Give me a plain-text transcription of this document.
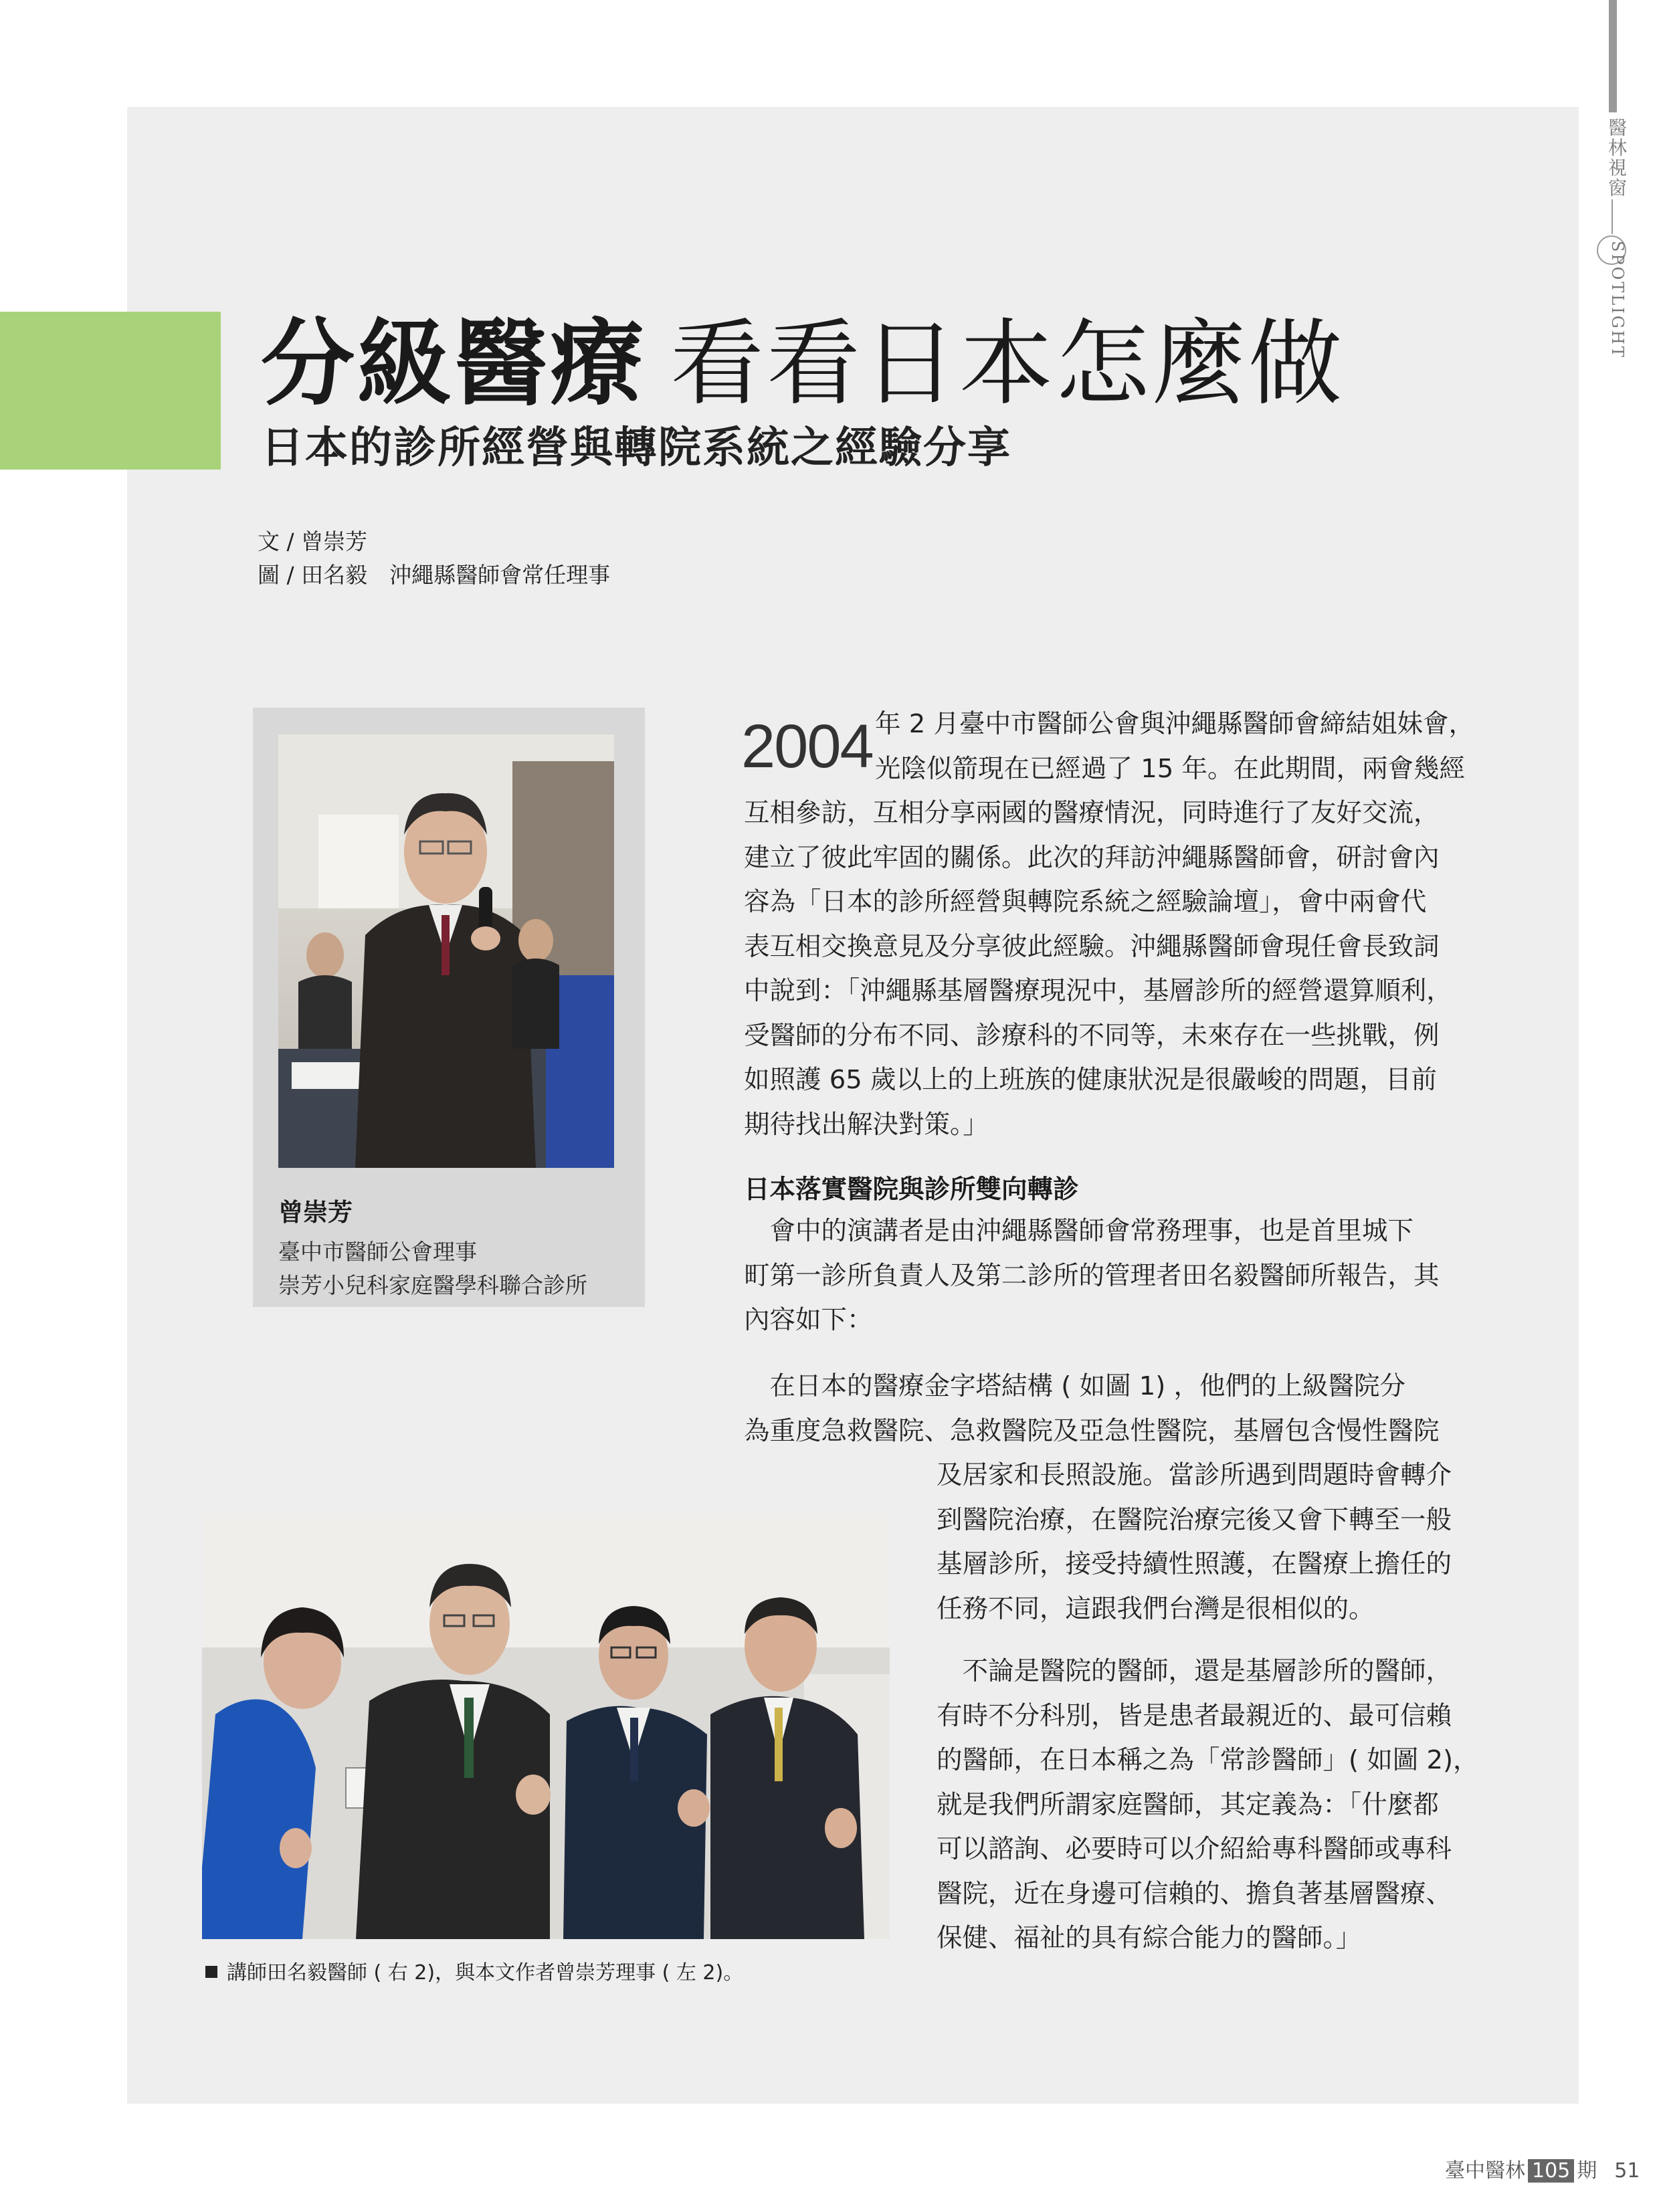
醫林視窗
SPOTLIGHT
分級醫療 看看日本怎麼做
日本的診所經營與轉院系統之經驗分享
文 / 曾崇芳
圖 / 田名毅　沖繩縣醫師會常任理事
曾崇芳
臺中市醫師公會理事
崇芳小兒科家庭醫學科聯合診所
講師田名毅醫師 ( 右 2)，與本文作者曾崇芳理事 ( 左 2)。
2004 年 2 月臺中市醫師公會與沖繩縣醫師會締結姐妹會，
光陰似箭現在已經過了 15 年。在此期間，兩會幾經
互相參訪，互相分享兩國的醫療情況，同時進行了友好交流，
建立了彼此牢固的關係。此次的拜訪沖繩縣醫師會，研討會內
容為「日本的診所經營與轉院系統之經驗論壇」，會中兩會代
表互相交換意見及分享彼此經驗。沖繩縣醫師會現任會長致詞
中說到：「沖繩縣基層醫療現況中，基層診所的經營還算順利，
受醫師的分布不同、診療科的不同等，未來存在一些挑戰，例
如照護 65 歲以上的上班族的健康狀況是很嚴峻的問題，目前
期待找出解決對策。」
日本落實醫院與診所雙向轉診
　會中的演講者是由沖繩縣醫師會常務理事，也是首里城下
町第一診所負責人及第二診所的管理者田名毅醫師所報告，其
內容如下：
　在日本的醫療金字塔結構 ( 如圖 1) ，他們的上級醫院分
為重度急救醫院、急救醫院及亞急性醫院，基層包含慢性醫院
及居家和長照設施。當診所遇到問題時會轉介
到醫院治療，在醫院治療完後又會下轉至一般
基層診所，接受持續性照護，在醫療上擔任的
任務不同，這跟我們台灣是很相似的。
　不論是醫院的醫師，還是基層診所的醫師，
有時不分科別，皆是患者最親近的、最可信賴
的醫師，在日本稱之為「常診醫師」( 如圖 2)，
就是我們所謂家庭醫師，其定義為：「什麼都
可以諮詢、必要時可以介紹給專科醫師或專科
醫院，近在身邊可信賴的、擔負著基層醫療、
保健、福祉的具有綜合能力的醫師。」
臺中醫林 105 期 51
